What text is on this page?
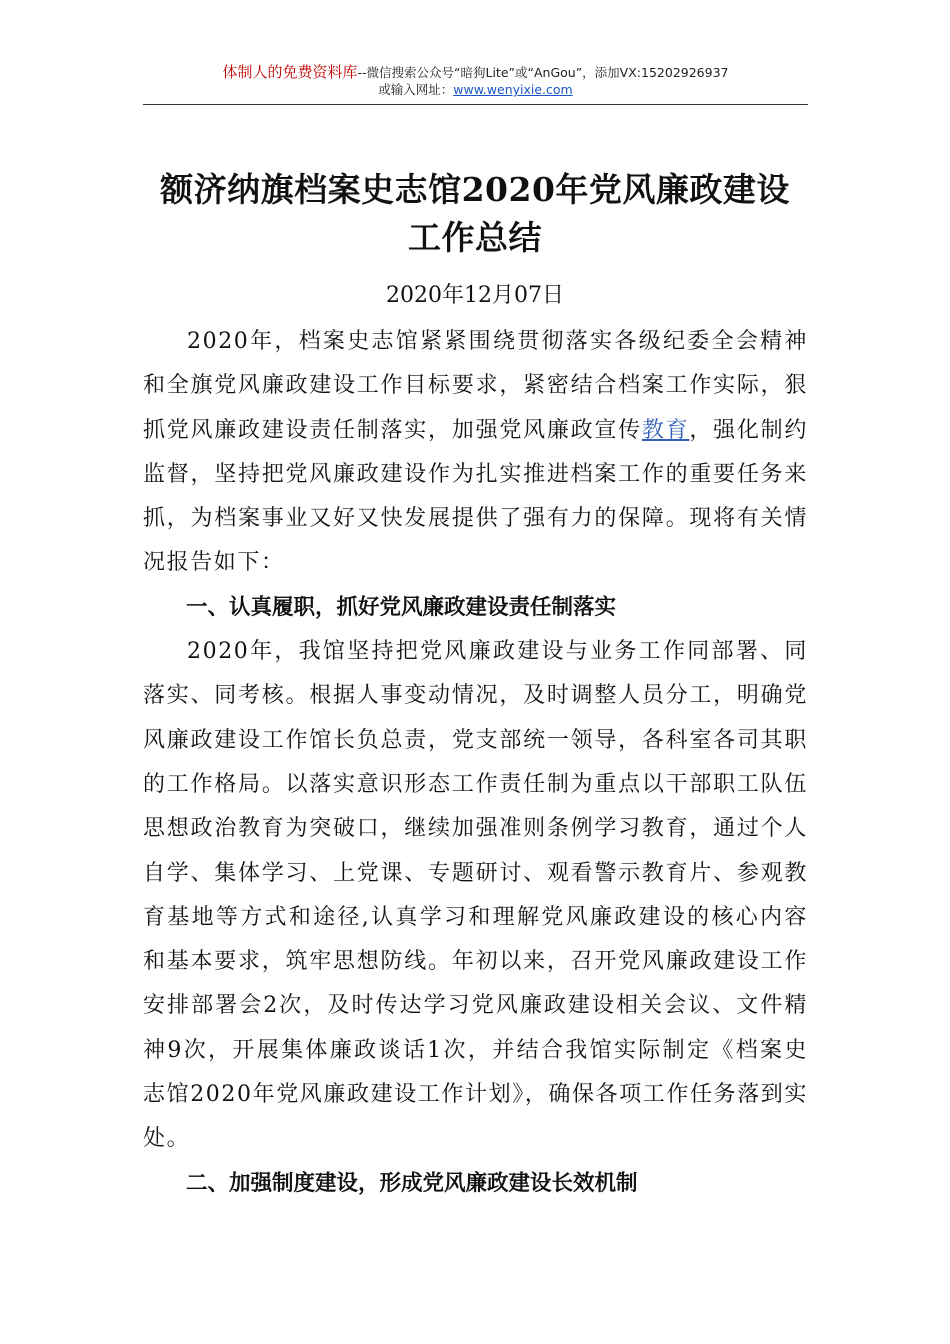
体制人的免费资料库--微信搜索公众号“暗狗Lite”或“AnGou”，添加VX:15202926937
或输入网址：www.wenyixie.com
额济纳旗档案史志馆2020年党风廉政建设
工作总结
2020年12月07日

2020年，档案史志馆紧紧围绕贯彻落实各级纪委全会精神和全旗党风廉政建设工作目标要求，紧密结合档案工作实际，狠抓党风廉政建设责任制落实，加强党风廉政宣传教育，强化制约监督，坚持把党风廉政建设作为扎实推进档案工作的重要任务来抓，为档案事业又好又快发展提供了强有力的保障。现将有关情况报告如下：

一、认真履职，抓好党风廉政建设责任制落实

2020年，我馆坚持把党风廉政建设与业务工作同部署、同落实、同考核。根据人事变动情况，及时调整人员分工，明确党风廉政建设工作馆长负总责，党支部统一领导，各科室各司其职的工作格局。以落实意识形态工作责任制为重点以干部职工队伍思想政治教育为突破口，继续加强准则条例学习教育，通过个人自学、集体学习、上党课、专题研讨、观看警示教育片、参观教育基地等方式和途径,认真学习和理解党风廉政建设的核心内容和基本要求，筑牢思想防线。年初以来，召开党风廉政建设工作安排部署会2次，及时传达学习党风廉政建设相关会议、文件精神9次，开展集体廉政谈话1次，并结合我馆实际制定《档案史志馆2020年党风廉政建设工作计划》，确保各项工作任务落到实处。

二、加强制度建设，形成党风廉政建设长效机制
